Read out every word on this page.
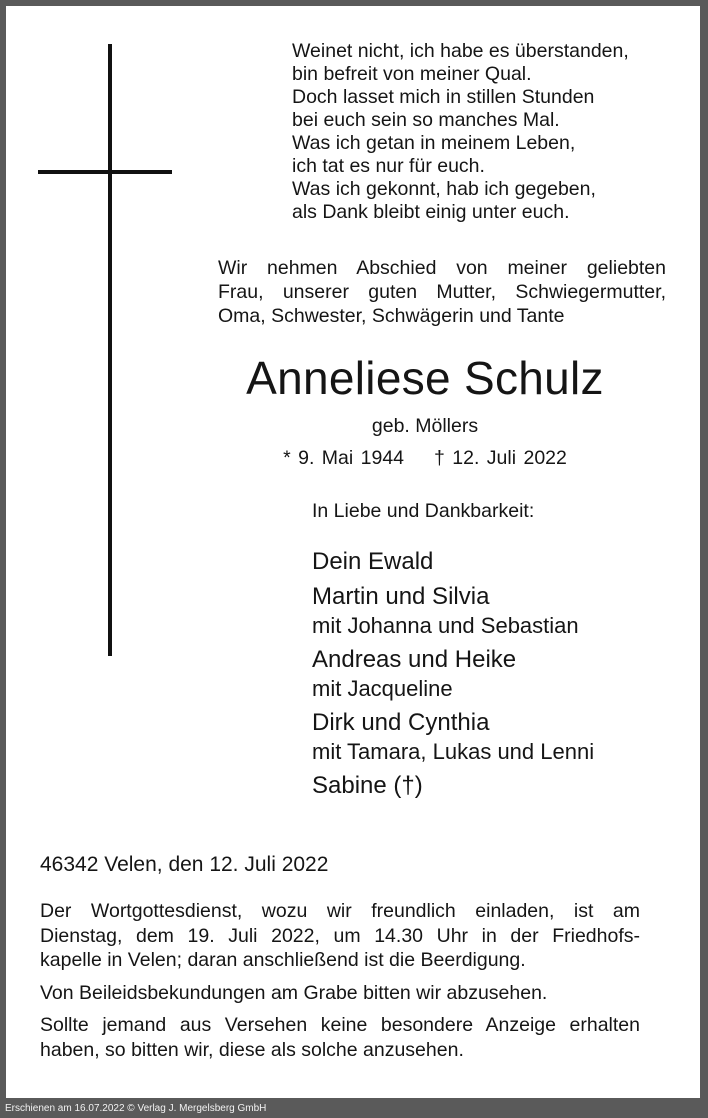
Weinet nicht, ich habe es überstanden,
bin befreit von meiner Qual.
Doch lasset mich in stillen Stunden
bei euch sein so manches Mal.
Was ich getan in meinem Leben,
ich tat es nur für euch.
Was ich gekonnt, hab ich gegeben,
als Dank bleibt einig unter euch.
Wir nehmen Abschied von meiner geliebten
Frau, unserer guten Mutter, Schwiegermutter,
Oma, Schwester, Schwägerin und Tante
Anneliese Schulz
geb. Möllers
* 9. Mai 1944 † 12. Juli 2022
In Liebe und Dankbarkeit:
Dein Ewald
Martin und Silvia
mit Johanna und Sebastian
Andreas und Heike
mit Jacqueline
Dirk und Cynthia
mit Tamara, Lukas und Lenni
Sabine (†)
46342 Velen, den 12. Juli 2022
Der Wortgottesdienst, wozu wir freundlich einladen, ist am
Dienstag, dem 19. Juli 2022, um 14.30 Uhr in der Friedhofs-
kapelle in Velen; daran anschließend ist die Beerdigung.
Von Beileidsbekundungen am Grabe bitten wir abzusehen.
Sollte jemand aus Versehen keine besondere Anzeige erhalten
haben, so bitten wir, diese als solche anzusehen.
Erschienen am 16.07.2022 © Verlag J. Mergelsberg GmbH
